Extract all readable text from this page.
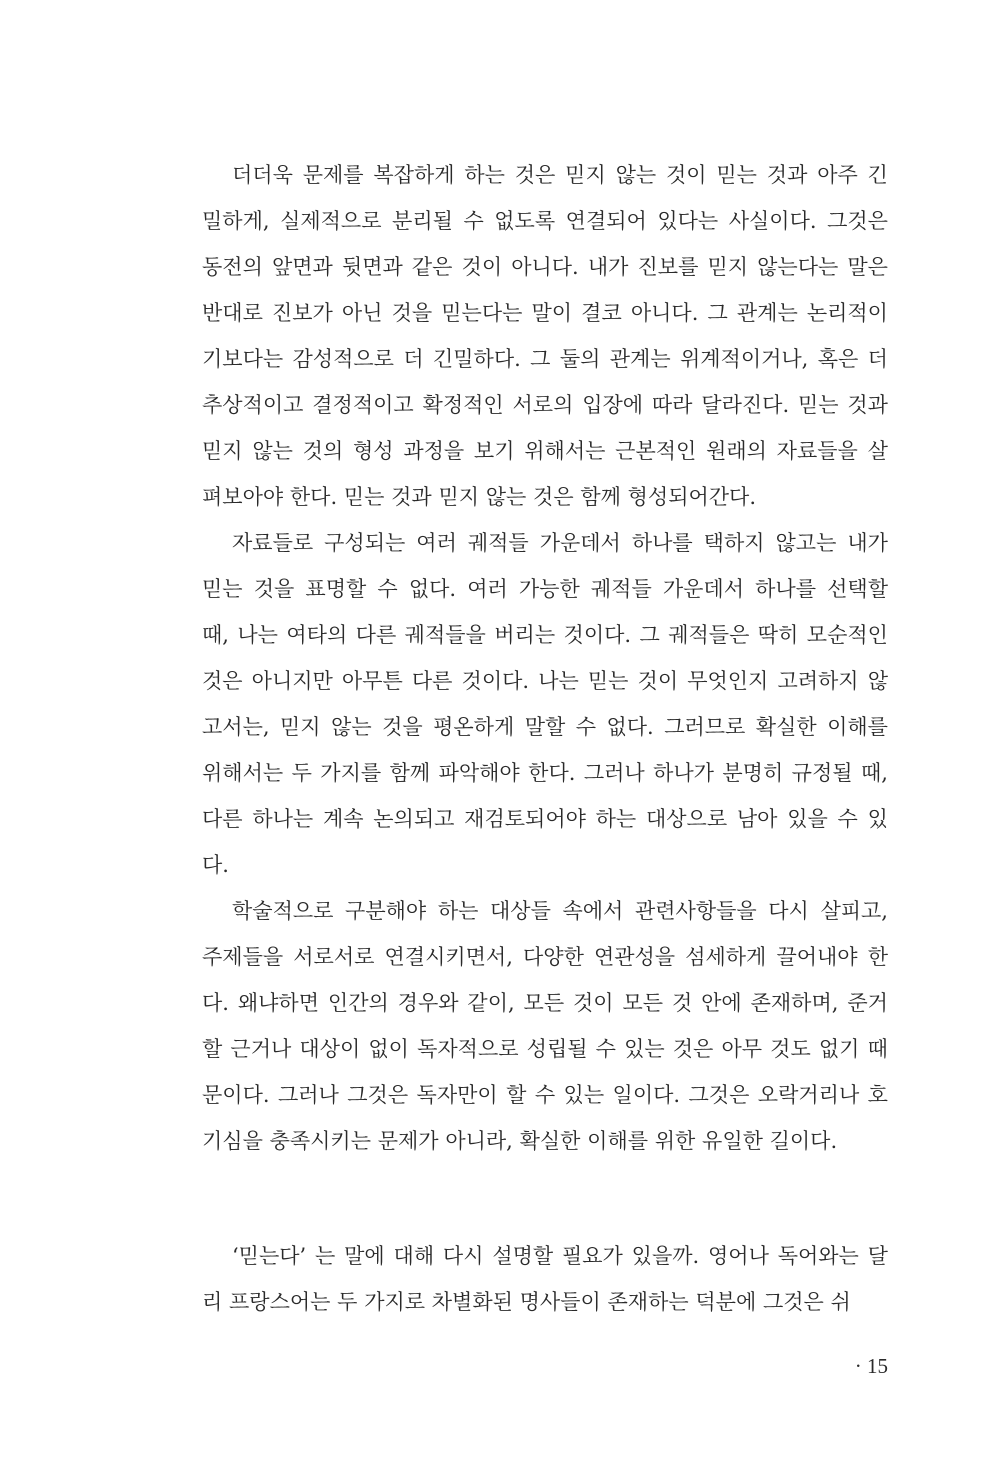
더더욱 문제를 복잡하게 하는 것은 믿지 않는 것이 믿는 것과 아주 긴
밀하게, 실제적으로 분리될 수 없도록 연결되어 있다는 사실이다. 그것은
동전의 앞면과 뒷면과 같은 것이 아니다. 내가 진보를 믿지 않는다는 말은
반대로 진보가 아닌 것을 믿는다는 말이 결코 아니다. 그 관계는 논리적이
기보다는 감성적으로 더 긴밀하다. 그 둘의 관계는 위계적이거나, 혹은 더
추상적이고 결정적이고 확정적인 서로의 입장에 따라 달라진다. 믿는 것과
믿지 않는 것의 형성 과정을 보기 위해서는 근본적인 원래의 자료들을 살
펴보아야 한다. 믿는 것과 믿지 않는 것은 함께 형성되어간다.
자료들로 구성되는 여러 궤적들 가운데서 하나를 택하지 않고는 내가
믿는 것을 표명할 수 없다. 여러 가능한 궤적들 가운데서 하나를 선택할
때, 나는 여타의 다른 궤적들을 버리는 것이다. 그 궤적들은 딱히 모순적인
것은 아니지만 아무튼 다른 것이다. 나는 믿는 것이 무엇인지 고려하지 않
고서는, 믿지 않는 것을 평온하게 말할 수 없다. 그러므로 확실한 이해를
위해서는 두 가지를 함께 파악해야 한다. 그러나 하나가 분명히 규정될 때,
다른 하나는 계속 논의되고 재검토되어야 하는 대상으로 남아 있을 수 있
다.
학술적으로 구분해야 하는 대상들 속에서 관련사항들을 다시 살피고,
주제들을 서로서로 연결시키면서, 다양한 연관성을 섬세하게 끌어내야 한
다. 왜냐하면 인간의 경우와 같이, 모든 것이 모든 것 안에 존재하며, 준거
할 근거나 대상이 없이 독자적으로 성립될 수 있는 것은 아무 것도 없기 때
문이다. 그러나 그것은 독자만이 할 수 있는 일이다. 그것은 오락거리나 호
기심을 충족시키는 문제가 아니라, 확실한 이해를 위한 유일한 길이다.
‘믿는다’ 는 말에 대해 다시 설명할 필요가 있을까. 영어나 독어와는 달
리 프랑스어는 두 가지로 차별화된 명사들이 존재하는 덕분에 그것은 쉬
· 15
